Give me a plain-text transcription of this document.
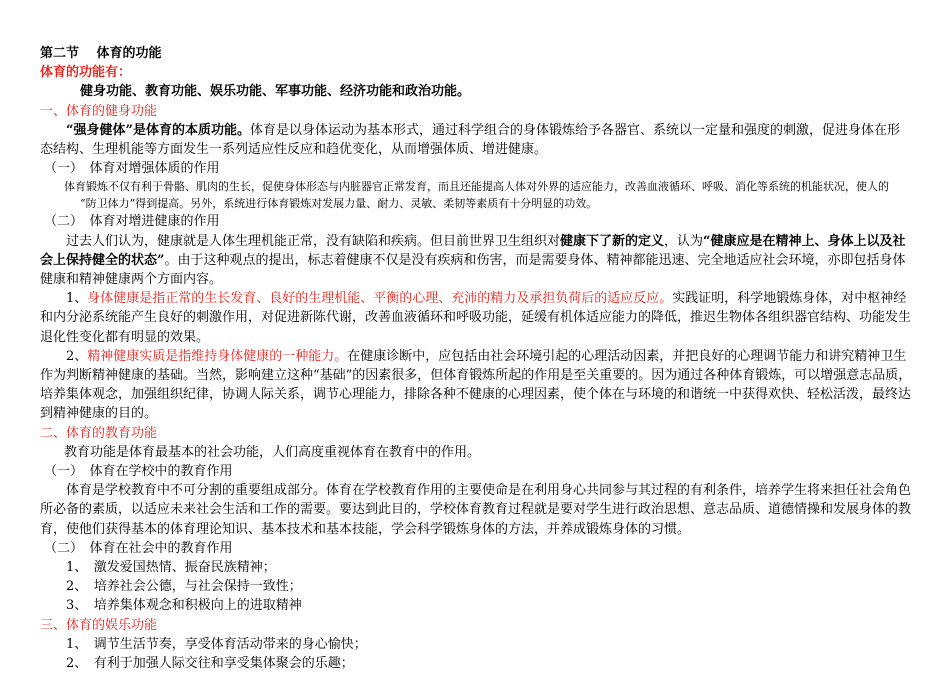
第二节　 体育的功能

体育的功能有：

健身功能、教育功能、娱乐功能、军事功能、经济功能和政治功能。

一、体育的健身功能

“强身健体”是体育的本质功能。体育是以身体运动为基本形式，通过科学组合的身体锻炼给予各器官、系统以一定量和强度的刺激，促进身体在形态结构、生理机能等方面发生一系列适应性反应和趋优变化，从而增强体质、增进健康。

（一）　体育对增强体质的作用

体育锻炼不仅有利于骨骼、肌肉的生长，促使身体形态与内脏器官正常发育，而且还能提高人体对外界的适应能力，改善血液循环、呼吸、消化等系统的机能状况，使人的

“防卫体力”得到提高。另外，系统进行体育锻炼对发展力量、耐力、灵敏、柔韧等素质有十分明显的功效。

（二）　体育对增进健康的作用

过去人们认为，健康就是人体生理机能正常，没有缺陷和疾病。但目前世界卫生组织对健康下了新的定义，认为“健康应是在精神上、身体上以及社会上保持健全的状态”。由于这种观点的提出，标志着健康不仅是没有疾病和伤害，而是需要身体、精神都能迅速、完全地适应社会环境，亦即包括身体健康和精神健康两个方面内容。

1、身体健康是指正常的生长发育、良好的生理机能、平衡的心理、充沛的精力及承担负荷后的适应反应。实践证明，科学地锻炼身体，对中枢神经和内分泌系统能产生良好的刺激作用，对促进新陈代谢，改善血液循环和呼吸功能，延缓有机体适应能力的降低，推迟生物体各组织器官结构、功能发生退化性变化都有明显的效果。

2、精神健康实质是指维持身体健康的一种能力。在健康诊断中，应包括由社会环境引起的心理活动因素，并把良好的心理调节能力和讲究精神卫生作为判断精神健康的基础。当然，影响建立这种“基础”的因素很多，但体育锻炼所起的作用是至关重要的。因为通过各种体育锻炼，可以增强意志品质，培养集体观念，加强组织纪律，协调人际关系，调节心理能力，排除各种不健康的心理因素，使个体在与环境的和谐统一中获得欢快、轻松活泼，最终达到精神健康的目的。

二、体育的教育功能

教育功能是体育最基本的社会功能，人们高度重视体育在教育中的作用。

（一）　体育在学校中的教育作用

体育是学校教育中不可分割的重要组成部分。体育在学校教育作用的主要使命是在利用身心共同参与其过程的有利条件，培养学生将来担任社会角色所必备的素质，以适应未来社会生活和工作的需要。要达到此目的，学校体育教育过程就是要对学生进行政治思想、意志品质、道德情操和发展身体的教育，使他们获得基本的体育理论知识、基本技术和基本技能，学会科学锻炼身体的方法，并养成锻炼身体的习惯。

（二）　体育在社会中的教育作用

1、　激发爱国热情、振奋民族精神；

2、　培养社会公德，与社会保持一致性；

3、　培养集体观念和积极向上的进取精神

三、体育的娱乐功能

1、　调节生活节奏，享受体育活动带来的身心愉快；

2、　有利于加强人际交往和享受集体聚会的乐趣；
